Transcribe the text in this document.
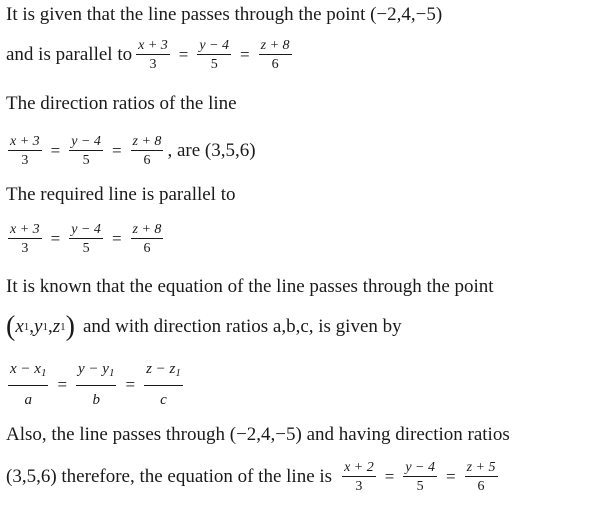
It is given that the line passes through the point (−2,4,−5)
and is parallel to $\frac{x + 3}{3} = \frac{y - 4}{5} = \frac{z + 8}{6}$
The direction ratios of the line
$\frac{x + 3}{3} = \frac{y - 4}{5} = \frac{z + 8}{6}$ , are (3,5,6)
The required line is parallel to
$\frac{x + 3}{3} = \frac{y - 4}{5} = \frac{z + 8}{6}$
It is known that the equation of the line passes through the point
( x 1 , y 1 , z 1 ) and with direction ratios a,b,c, is given by
$\frac{x - x_1}{a} = \frac{y - y_1}{b} = \frac{z - z_1}{c}$
Also, the line passes through (−2,4,−5) and having direction ratios
(3,5,6) therefore, the equation of the line is $\frac{x + 2}{3} = \frac{y - 4}{5} = \frac{z + 5}{6}$
